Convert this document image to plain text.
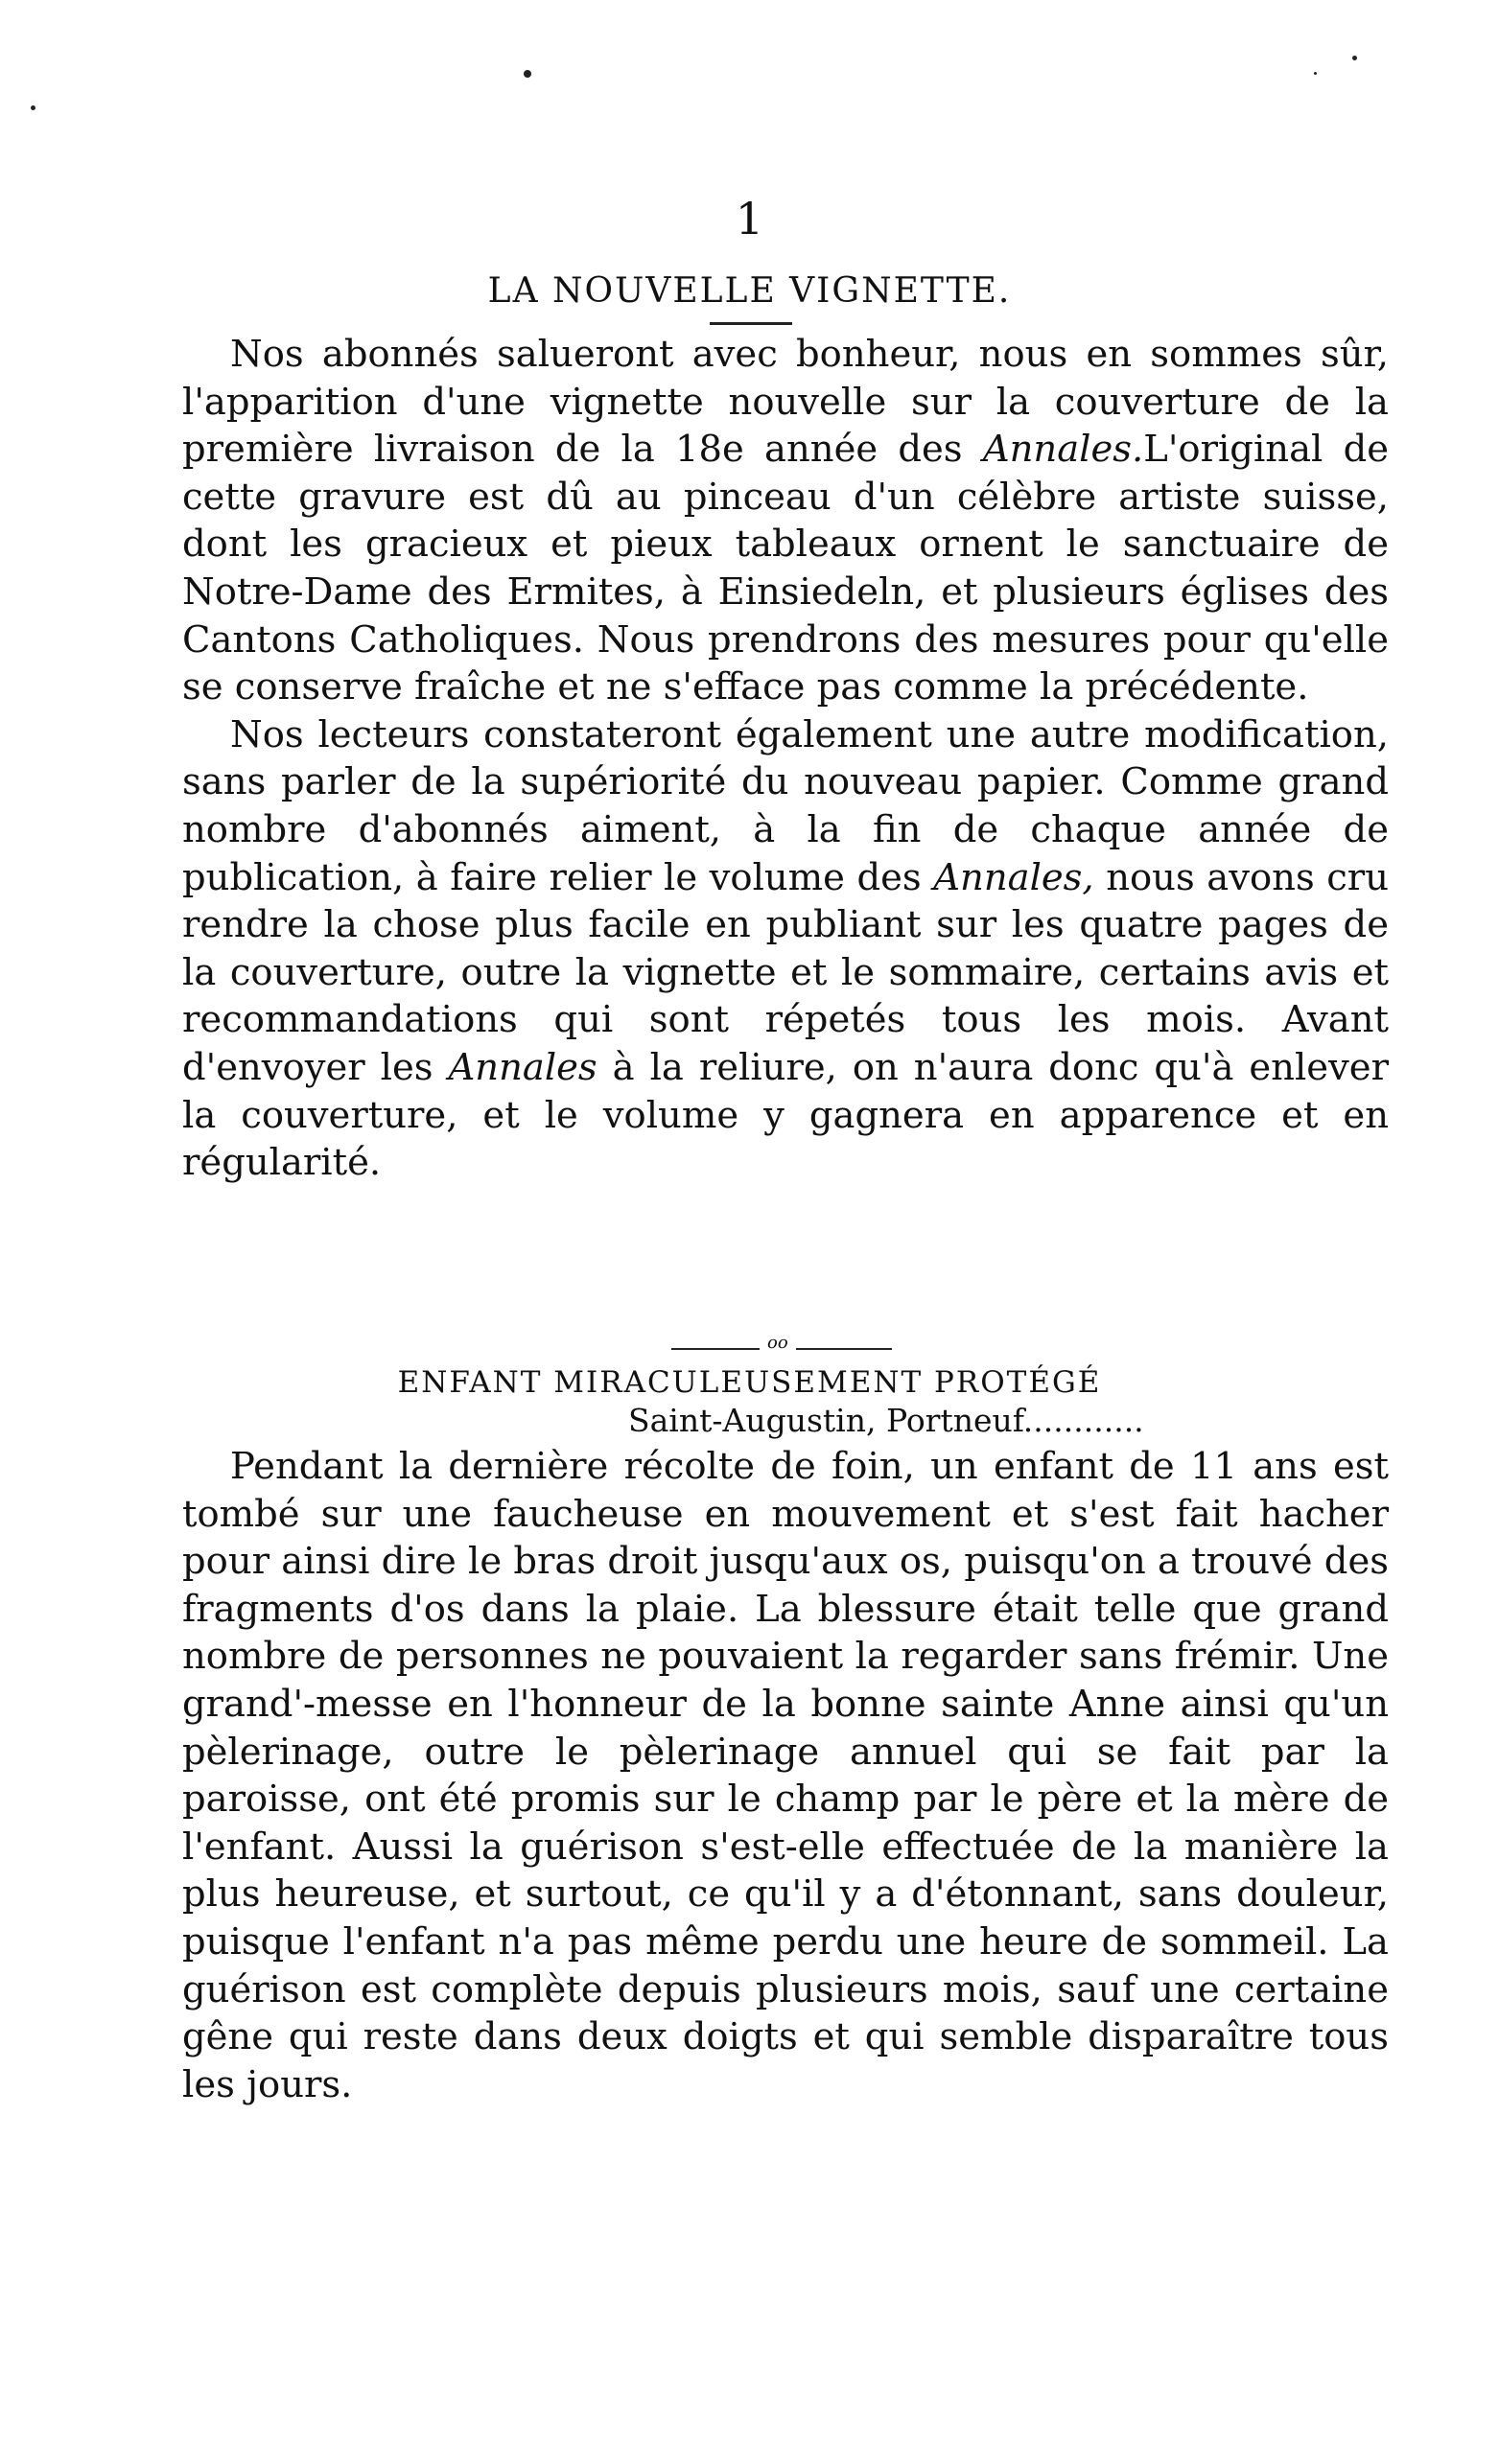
1
LA NOUVELLE VIGNETTE.

Nos abonnés salueront avec bonheur, nous en sommes sûr, l'apparition d'une vignette nouvelle sur la couverture de la première livraison de la 18e année des Annales.L'original de cette gravure est dû au pinceau d'un célèbre artiste suisse, dont les gracieux et pieux tableaux ornent le sanctuaire de Notre-Dame des Ermites, à Einsiedeln, et plusieurs églises des Cantons Catholiques. Nous prendrons des mesures pour qu'elle se conserve fraîche et ne s'efface pas comme la précédente.

Nos lecteurs constateront également une autre modification, sans parler de la supériorité du nouveau papier. Comme grand nombre d'abonnés aiment, à la fin de chaque année de publication, à faire relier le volume des Annales, nous avons cru rendre la chose plus facile en publiant sur les quatre pages de la couverture, outre la vignette et le sommaire, certains avis et recommandations qui sont répetés tous les mois. Avant d'envoyer les Annales à la reliure, on n'aura donc qu'à enlever la couverture, et le volume y gagnera en apparence et en régularité.

oo
ENFANT MIRACULEUSEMENT PROTÉGÉ
Saint-Augustin, Portneuf............

Pendant la dernière récolte de foin, un enfant de 11 ans est tombé sur une faucheuse en mouvement et s'est fait hacher pour ainsi dire le bras droit jusqu'aux os, puisqu'on a trouvé des fragments d'os dans la plaie. La blessure était telle que grand nombre de personnes ne pouvaient la regarder sans frémir. Une grand'-messe en l'honneur de la bonne sainte Anne ainsi qu'un pèlerinage, outre le pèlerinage annuel qui se fait par la paroisse, ont été promis sur le champ par le père et la mère de l'enfant. Aussi la guérison s'est-elle effectuée de la manière la plus heureuse, et surtout, ce qu'il y a d'étonnant, sans douleur, puisque l'enfant n'a pas même perdu une heure de sommeil. La guérison est complète depuis plusieurs mois, sauf une certaine gêne qui reste dans deux doigts et qui semble disparaître tous les jours.
